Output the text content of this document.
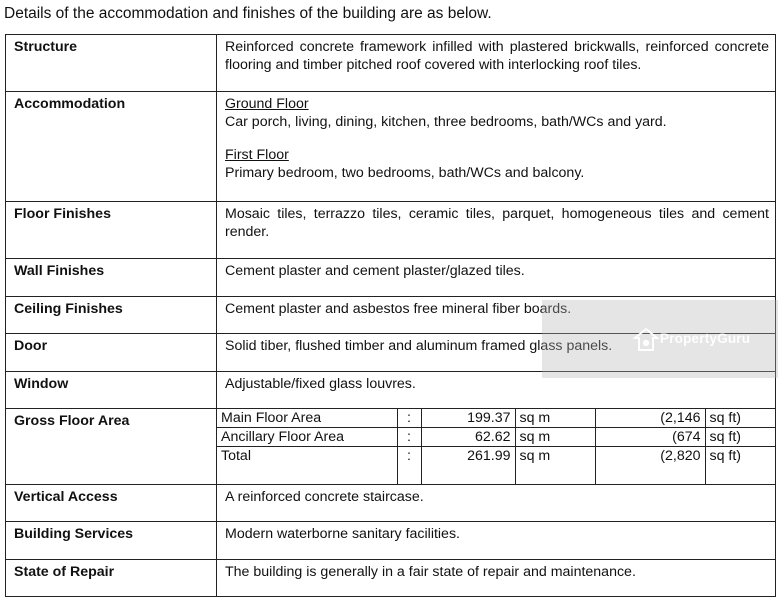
Details of the accommodation and finishes of the building are as below.
Structure	Reinforced concrete framework infilled with plastered brickwalls, reinforced concrete flooring and timber pitched roof covered with interlocking roof tiles.
Accommodation	Ground Floor
Car porch, living, dining, kitchen, three bedrooms, bath/WCs and yard.
First Floor
Primary bedroom, two bedrooms, bath/WCs and balcony.

Floor Finishes	Mosaic tiles, terrazzo tiles, ceramic tiles, parquet, homogeneous tiles and cement render.
Wall Finishes	Cement plaster and cement plaster/glazed tiles.
Ceiling Finishes	Cement plaster and asbestos free mineral fiber boards.
Door	Solid tiber, flushed timber and aluminum framed glass panels.
Window	Adjustable/fixed glass louvres.
Gross Floor Area		Main Floor Area	:	199.37	sq m	(2,146	sq ft)
Ancillary Floor Area	:	62.62	sq m	(674	sq ft)
Total	:	261.99	sq m	(2,820	sq ft)

Vertical Access	A reinforced concrete staircase.
Building Services	Modern waterborne sanitary facilities.
State of Repair	The building is generally in a fair state of repair and maintenance.
PropertyGuru
